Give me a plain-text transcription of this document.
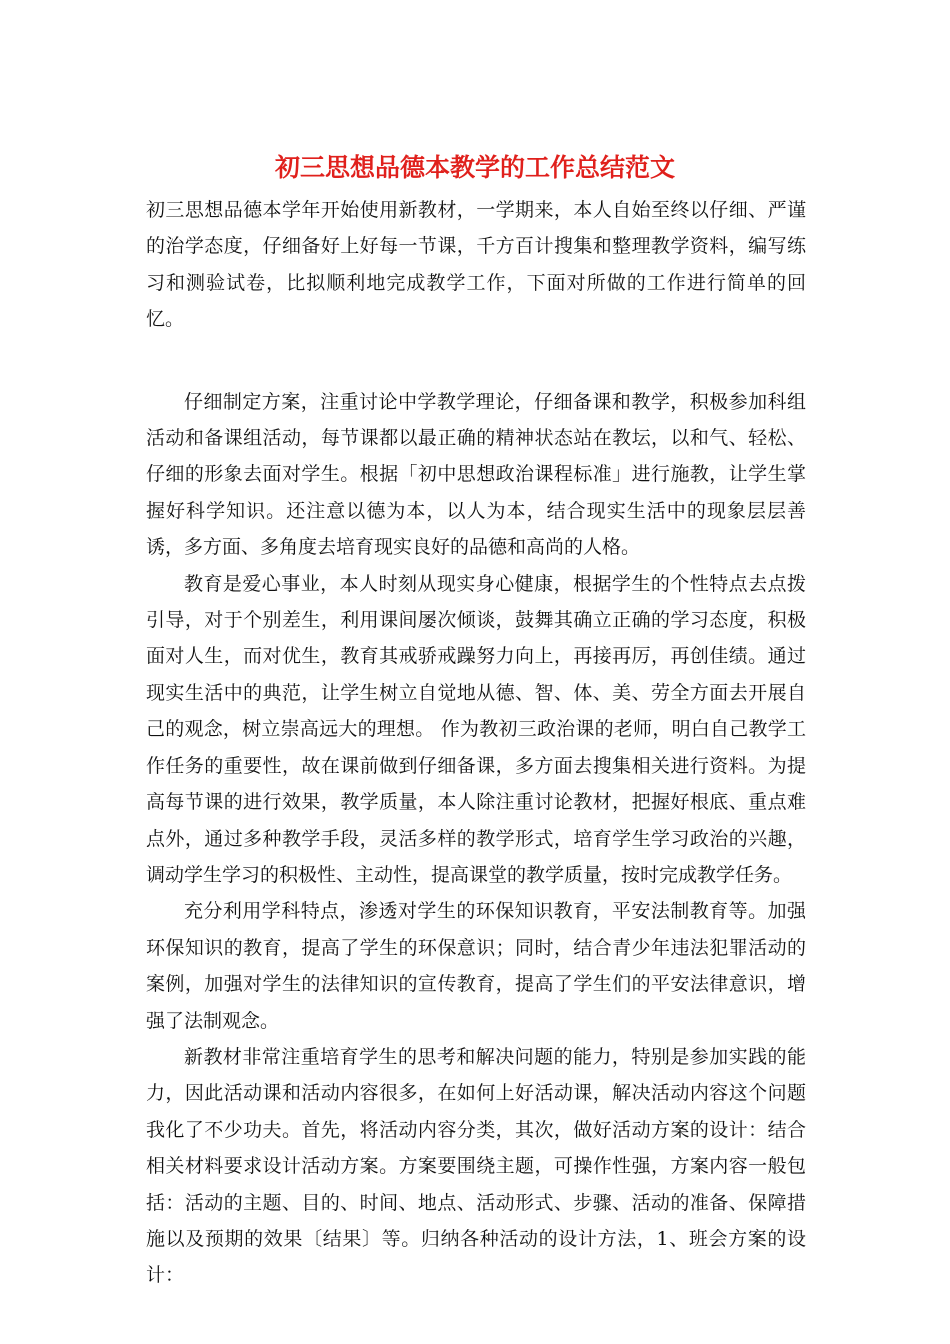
初三思想品德本教学的工作总结范文

初三思想品德本学年开始使用新教材，一学期来，本人自始至终以仔细、严谨的治学态度，仔细备好上好每一节课，千方百计搜集和整理教学资料，编写练习和测验试卷，比拟顺利地完成教学工作，下面对所做的工作进行简单的回忆。

仔细制定方案，注重讨论中学教学理论，仔细备课和教学，积极参加科组活动和备课组活动，每节课都以最正确的精神状态站在教坛，以和气、轻松、仔细的形象去面对学生。根据「初中思想政治课程标准」进行施教，让学生掌握好科学知识。还注意以德为本，以人为本，结合现实生活中的现象层层善诱，多方面、多角度去培育现实良好的品德和高尚的人格。

教育是爱心事业，本人时刻从现实身心健康，根据学生的个性特点去点拨引导，对于个别差生，利用课间屡次倾谈，鼓舞其确立正确的学习态度，积极面对人生，而对优生，教育其戒骄戒躁努力向上，再接再厉，再创佳绩。通过现实生活中的典范，让学生树立自觉地从德、智、体、美、劳全方面去开展自己的观念，树立崇高远大的理想。 作为教初三政治课的老师，明白自己教学工作任务的重要性，故在课前做到仔细备课，多方面去搜集相关进行资料。为提高每节课的进行效果，教学质量，本人除注重讨论教材，把握好根底、重点难点外，通过多种教学手段，灵活多样的教学形式，培育学生学习政治的兴趣，调动学生学习的积极性、主动性，提高课堂的教学质量，按时完成教学任务。

充分利用学科特点，渗透对学生的环保知识教育，平安法制教育等。加强环保知识的教育，提高了学生的环保意识；同时，结合青少年违法犯罪活动的案例，加强对学生的法律知识的宣传教育，提高了学生们的平安法律意识，增强了法制观念。

新教材非常注重培育学生的思考和解决问题的能力，特别是参加实践的能力，因此活动课和活动内容很多，在如何上好活动课，解决活动内容这个问题我化了不少功夫。首先，将活动内容分类，其次，做好活动方案的设计：结合相关材料要求设计活动方案。方案要围绕主题，可操作性强，方案内容一般包括：活动的主题、目的、时间、地点、活动形式、步骤、活动的准备、保障措施以及预期的效果〔结果〕等。归纳各种活动的设计方法，1、班会方案的设计：
